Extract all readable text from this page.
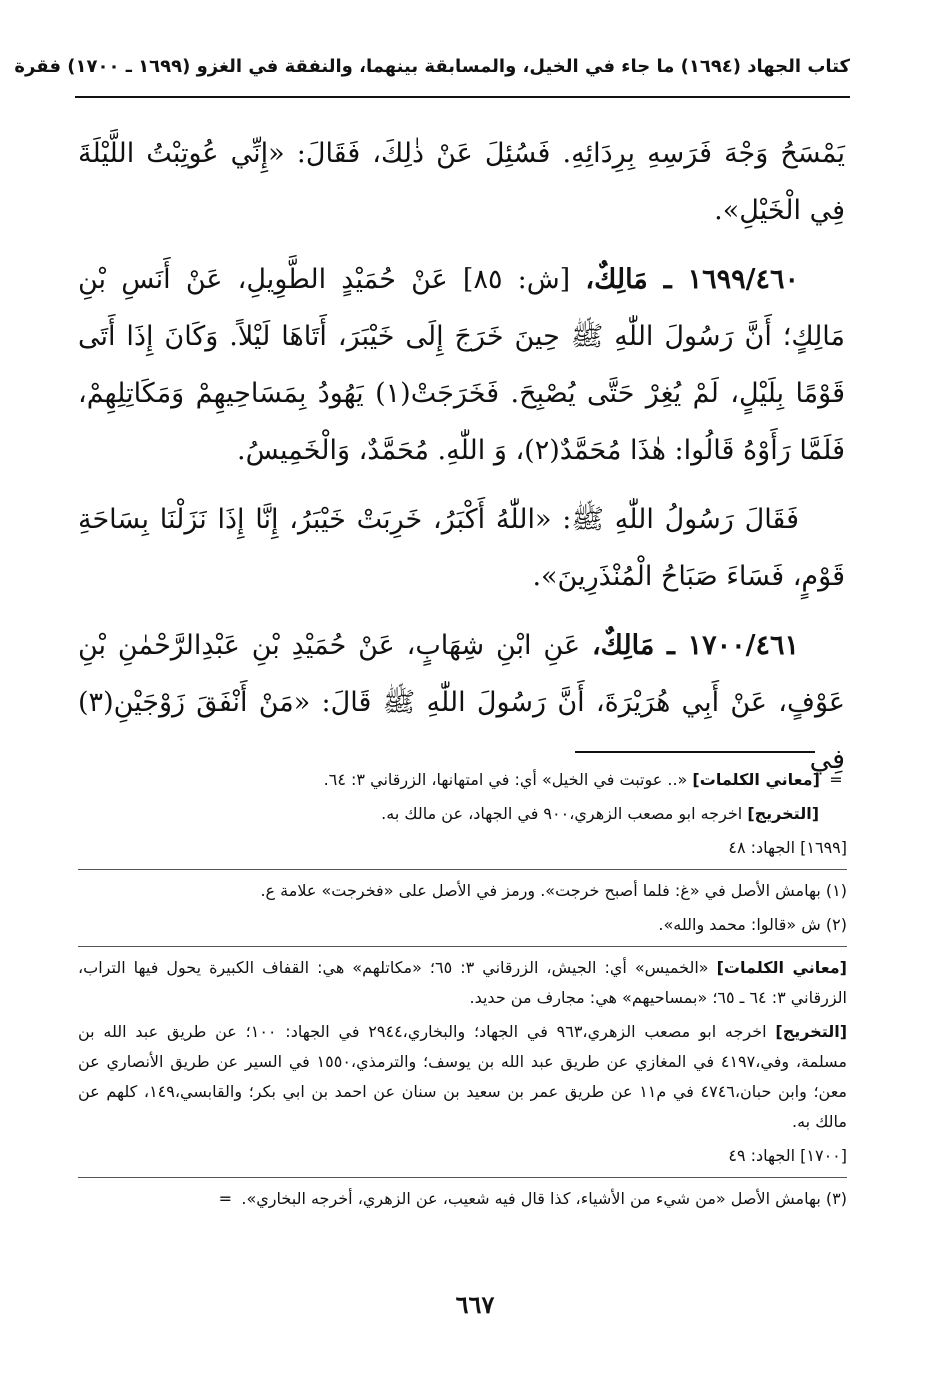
كتاب الجهاد (١٦٩٤) ما جاء في الخيل، والمسابقة بينهما، والنفقة في الغزو (١٦٩٩ ـ ١٧٠٠) فقرة

يَمْسَحُ وَجْهَ فَرَسِهِ بِرِدَائِهِ. فَسُئِلَ عَنْ ذٰلِكَ، فَقَالَ: «إِنِّي عُوتِبْتُ اللَّيْلَةَ فِي الْخَيْلِ».

١٦٩٩/٤٦٠ ـ مَالِكٌ، [ش: ٨٥] عَنْ حُمَيْدٍ الطَّوِيلِ، عَنْ أَنَسِ بْنِ مَالِكٍ؛ أَنَّ رَسُولَ اللّٰهِ ﷺ حِينَ خَرَجَ إِلَى خَيْبَرَ، أَتَاهَا لَيْلاً. وَكَانَ إِذَا أَتَى قَوْمًا بِلَيْلٍ، لَمْ يُغِرْ حَتَّى يُصْبِحَ. فَخَرَجَتْ(١) يَهُودُ بِمَسَاحِيهِمْ وَمَكَاتِلِهِمْ، فَلَمَّا رَأَوْهُ قَالُوا: هٰذَا مُحَمَّدٌ(٢)، وَ اللّٰهِ. مُحَمَّدٌ، وَالْخَمِيسُ.

فَقَالَ رَسُولُ اللّٰهِ ﷺ: «اللّٰهُ أَكْبَرُ، خَرِبَتْ خَيْبَرُ، إِنَّا إِذَا نَزَلْنَا بِسَاحَةِ قَوْمٍ، فَسَاءَ صَبَاحُ الْمُنْذَرِينَ».

١٧٠٠/٤٦١ ـ مَالِكٌ، عَنِ ابْنِ شِهَابٍ، عَنْ حُمَيْدِ بْنِ عَبْدِالرَّحْمٰنِ بْنِ عَوْفٍ، عَنْ أَبِي هُرَيْرَةَ، أَنَّ رَسُولَ اللّٰهِ ﷺ قَالَ: «مَنْ أَنْفَقَ زَوْجَيْنِ(٣) فِي

= [معاني الكلمات] «.. عوتبت في الخيل» أي: في امتهانها، الزرقاني ٣: ٦٤.
[التخريج] اخرجه ابو مصعب الزهري،٩٠٠ في الجهاد، عن مالك به.
[١٦٩٩] الجهاد: ٤٨
(١) بهامش الأصل في «غ: فلما أصبح خرجت». ورمز في الأصل على «فخرجت» علامة ع.
(٢) ش «قالوا: محمد والله».
[معاني الكلمات] «الخميس» أي: الجيش، الزرقاني ٣: ٦٥؛ «مكاتلهم» هي: القفاف الكبيرة يحول فيها التراب، الزرقاني ٣: ٦٤ ـ ٦٥؛ «بمساحيهم» هي: مجارف من حديد.
[التخريج] اخرجه ابو مصعب الزهري،٩٦٣ في الجهاد؛ والبخاري،٢٩٤٤ في الجهاد: ١٠٠؛ عن طريق عبد الله بن مسلمة، وفي،٤١٩٧ في المغازي عن طريق عبد الله بن يوسف؛ والترمذي،١٥٥٠ في السير عن طريق الأنصاري عن معن؛ وابن حبان،٤٧٤٦ في م١١ عن طريق عمر بن سعيد بن سنان عن احمد بن ابي بكر؛ والقابسي،١٤٩، كلهم عن مالك به.
[١٧٠٠] الجهاد: ٤٩
(٣) بهامش الأصل «من شيء من الأشياء، كذا قال فيه شعيب، عن الزهري، أخرجه البخاري». =
٦٦٧
